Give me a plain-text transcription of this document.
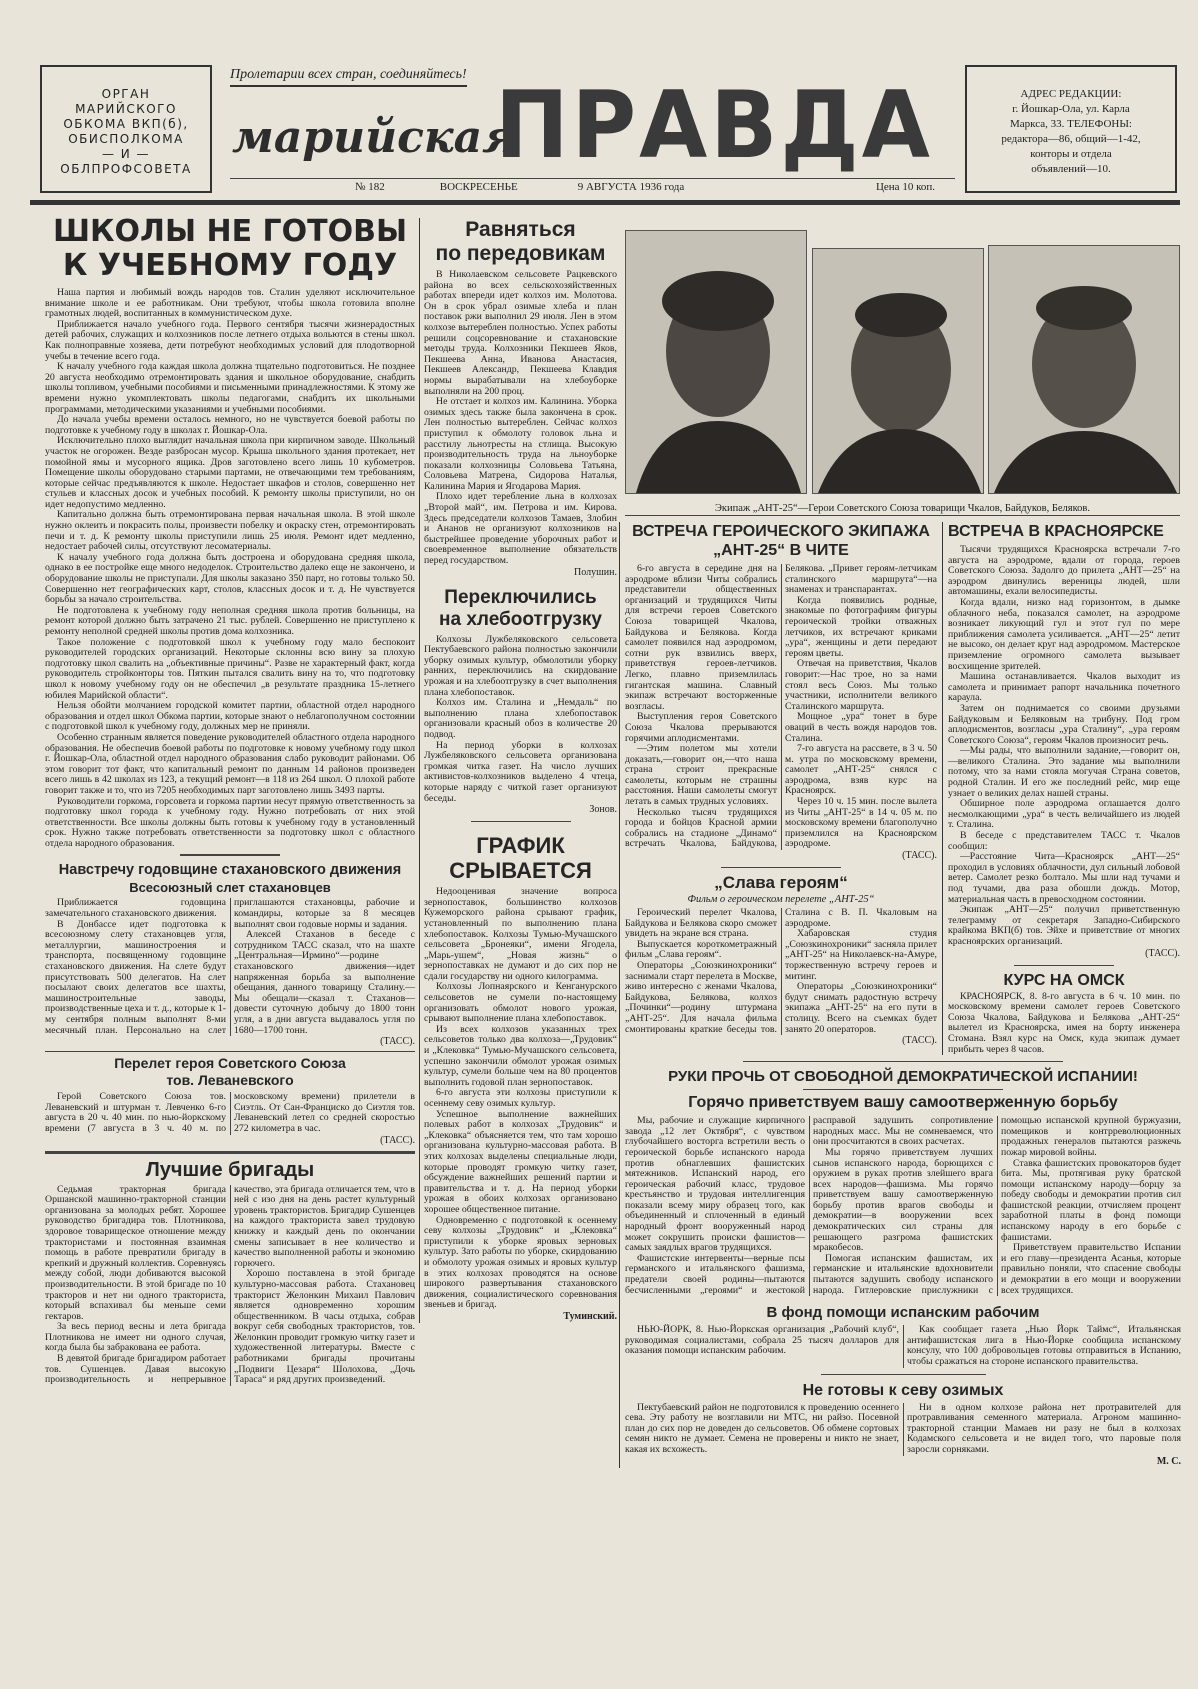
ОРГАН
МАРИЙСКОГО
ОБКОМА ВКП(б),
ОБИСПОЛКОМА
— И —
ОБЛПРОФСОВЕТА
Пролетарии всех стран, соединяйтесь!
марийская
ПРАВДА
№ 182	ВОСКРЕСЕНЬЕ	9 АВГУСТА 1936 года	Цена 10 коп.
АДРЕС РЕДАКЦИИ:
г. Йошкар-Ола, ул. Карла
Маркса, 33. ТЕЛЕФОНЫ:
редактора—86, общий—1-42,
конторы и отдела
объявлений—10.
ШКОЛЫ НЕ ГОТОВЫ
К УЧЕБНОМУ ГОДУ

Наша партия и любимый вождь народов тов. Сталин уделяют исключительное внимание школе и ее работникам. Они требуют, чтобы школа готовила вполне грамотных людей, воспитанных в коммунистическом духе.

Приближается начало учебного года. Первого сентября тысячи жизнерадостных детей рабочих, служащих и колхозников после летнего отдыха вольются в стены школ. Как полноправные хозяева, дети потребуют необходимых условий для плодотворной учебы в течение всего года.

К началу учебного года каждая школа должна тщательно подготовиться. Не позднее 20 августа необходимо отремонтировать здания и школьное оборудование, снабдить школы топливом, учебными пособиями и письменными принадлежностями. К этому же времени нужно укомплектовать школы педагогами, снабдить их школьными программами, методическими указаниями и учебными пособиями.

До начала учебы времени осталось немного, но не чувствуется боевой работы по подготовке к учебному году в школах г. Йошкар-Ола.

Исключительно плохо выглядит начальная школа при кирпичном заводе. Школьный участок не огорожен. Везде разбросан мусор. Крыша школьного здания протекает, нет помойной ямы и мусорного ящика. Дров заготовлено всего лишь 10 кубометров. Помещение школы оборудовано старыми партами, не отвечающими тем требованиям, которые сейчас предъявляются к школе. Недостает шкафов и столов, совершенно нет стульев и классных досок и учебных пособий. К ремонту школы приступили, но он идет недопустимо медленно.

Капитально должна быть отремонтирована первая начальная школа. В этой школе нужно оклеить и покрасить полы, произвести побелку и окраску стен, отремонтировать печи и т. д. К ремонту школы приступили лишь 25 июля. Ремонт идет медленно, недостает рабочей силы, отсутствуют лесоматериалы.

К началу учебного года должна быть достроена и оборудована средняя школа, однако в ее постройке еще много недоделок. Строительство далеко еще не закончено, и оборудование школы не приступали. Для школы заказано 350 парт, но готовы только 50. Совершенно нет географических карт, столов, классных досок и т. д. Не чувствуется борьбы за начало строительства.

Не подготовлена к учебному году неполная средняя школа против больницы, на ремонт которой должно быть затрачено 21 тыс. рублей. Совершенно не приступлено к ремонту неполной средней школы против дома колхозника.

Такое положение с подготовкой школ к учебному году мало беспокоит руководителей городских организаций. Некоторые склонны всю вину за плохую подготовку школ свалить на „объективные причины“. Разве не характерный факт, когда руководитель стройконторы тов. Пяткин пытался свалить вину на то, что подготовку школ к новому учебному году он не обеспечил „в результате праздника 15-летнего юбилея Марийской области“.

Нельзя обойти молчанием городской комитет партии, областной отдел народного образования и отдел школ Обкома партии, которые знают о неблагополучном состоянии с подготовкой школ к учебному году, должных мер не приняли.

Особенно странным является поведение руководителей областного отдела народного образования. Не обеспечив боевой работы по подготовке к новому учебному году школ г. Йошкар-Ола, областной отдел народного образования слабо руководит районами. Об этом говорит тот факт, что капитальный ремонт по данным 14 районов произведен всего лишь в 42 школах из 123, а текущий ремонт—в 118 из 264 школ. О плохой работе говорит также и то, что из 7205 необходимых парт заготовлено лишь 3493 парты.

Руководители горкома, горсовета и горкома партии несут прямую ответственность за подготовку школ города к учебному году. Нужно потребовать от них этой ответственности. Все школы должны быть готовы к учебному году в установленный срок. Нужно также потребовать ответственности за подготовку школ с областного отдела народного образования.

Навстречу годовщине стахановского движения
Всесоюзный слет стахановцев

Приближается годовщина замечательного стахановского движения.

В Донбассе идет подготовка к всесоюзному слету стахановцев угля, металлургии, машиностроения и транспорта, посвященному годовщине стахановского движения. На слете будут присутствовать 500 делегатов. На слет посылают своих делегатов все шахты, машиностроительные заводы, производственные цеха и т. д., которые к 1-му сентября полным выполнят 8-ми месячный план. Персонально на слет приглашаются стахановцы, рабочие и командиры, которые за 8 месяцев выполнят свои годовые нормы и задания.

Алексей Стаханов в беседе с сотрудником ТАСС сказал, что на шахте „Центральная—Ирмино“—родине стахановского движения—идет напряженная борьба за выполнение обещания, данного товарищу Сталину.—Мы обещали—сказал т. Стаханов—довести суточную добычу до 1800 тонн угля, а в дни августа выдавалось угля по 1680—1700 тонн.

(ТАСС).
Перелет героя Советского Союза
тов. Леваневского

Герой Советского Союза тов. Леваневский и штурман т. Левченко 6-го августа в 20 ч. 40 мин. по нью-йоркскому времени (7 августа в 3 ч. 40 м. по московскому времени) прилетели в Сиэтль. От Сан-Франциско до Сиэтля тов. Леваневский летел со средней скоростью 272 километра в час.

(ТАСС).
Лучшие бригады

Седьмая тракторная бригада Оршанской машинно-тракторной станции организована за молодых ребят. Хорошее руководство бригадира тов. Плотникова, здоровое товарищеское отношение между трактористами и постоянная взаимная помощь в работе превратили бригаду в крепкий и дружный коллектив. Соревнуясь между собой, люди добиваются высокой производительности. В этой бригаде по 10 тракторов и нет ни одного тракториста, который вспахивал бы меньше семи гектаров.

За весь период весны и лета бригада Плотникова не имеет ни одного случая, когда была бы забракована ее работа.

В девятой бригаде бригадиром работает тов. Сушенцев. Давая высокую производительность и непрерывное качество, эта бригада отличается тем, что в ней с изо дня на день растет культурный уровень трактористов. Бригадир Сушенцев на каждого тракториста завел трудовую книжку и каждый день по окончании смены записывает в нее количество и качество выполненной работы и экономию горючего.

Хорошо поставлена в этой бригаде культурно-массовая работа. Стахановец тракторист Желонкин Михаил Павлович является одновременно хорошим общественником. В часы отдыха, собрав вокруг себя свободных трактористов, тов. Желонкин проводит громкую читку газет и художественной литературы. Вместе с работниками бригады прочитаны „Подвиги Цезаря“ Шолохова, „Дочь Тараса“ и ряд других произведений.

Равняться
по передовикам

В Николаевском сельсовете Рацкевского района во всех сельскохозяйственных работах впереди идет колхоз им. Молотова. Он в срок убрал озимые хлеба и план поставок ржи выполнил 29 июля. Лен в этом колхозе вытереблен полностью. Успех работы решили соцсоревнование и стахановские методы труда. Колхозники Пекшеев Яков, Пекшеева Анна, Иванова Анастасия, Пекшеев Александр, Пекшеева Клавдия нормы вырабатывали на хлебоуборке выполняли на 200 проц.

Не отстает и колхоз им. Калинина. Уборка озимых здесь также была закончена в срок. Лен полностью вытереблен. Сейчас колхоз приступил к обмолоту головок льна и расстилу льнотресты на стлища. Высокую производительность труда на льноуборке показали колхозницы Соловьева Татьяна, Соловьева Матрена, Сидорова Наталья, Калинина Мария и Ягодарова Мария.

Плохо идет теребление льна в колхозах „Второй май“, им. Петрова и им. Кирова. Здесь председатели колхозов Тамаев, Злобин и Ананов не организуют колхозников на быстрейшее проведение уборочных работ и своевременное выполнение обязательств перед государством.

Полушин.
Переключились
на хлебоотгрузку

Колхозы Лужбеляковского сельсовета Пектубаевского района полностью закончили уборку озимых культур, обмолотили уборку ранних, переключились на скирдование урожая и на хлебоотгрузку в счет выполнения плана хлебопоставок.

Колхоз им. Сталина и „Немдаль“ по выполнению плана хлебопоставок организовали красный обоз в количестве 20 подвод.

На период уборки в колхозах Лужбеляковского сельсовета организована громкая читка газет. На число лучших активистов-колхозников выделено 4 чтеца, которые наряду с читкой газет организуют беседы.

Зонов.
ГРАФИК
СРЫВАЕТСЯ

Недооценивая значение вопроса зернопоставок, большинство колхозов Кужеморского района срывают график, установленный по выполнению плана хлебопоставок. Колхозы Тумью-Мучашского сельсовета „Бронеяки“, имени Ягодела, „Марь-ушем“, „Новая жизнь“ о зернопоставках не думают и до сих пор не сдали государству ни одного килограмма.

Колхозы Лопнаярского и Кенганурского сельсоветов не сумели по-настоящему организовать обмолот нового урожая, срывают выполнение плана хлебопоставок.

Из всех колхозов указанных трех сельсоветов только два колхоза—„Трудовик“ и „Клековка“ Тумью-Мучашского сельсовета, успешно закончили обмолот урожая озимых культур, сумели больше чем на 80 процентов выполнить годовой план зернопоставок.

6-го августа эти колхозы приступили к осеннему севу озимых культур.

Успешное выполнение важнейших полевых работ в колхозах „Трудовик“ и „Клековка“ объясняется тем, что там хорошо организована культурно-массовая работа. В этих колхозах выделены специальные люди, которые проводят громкую читку газет, обсуждение важнейших решений партии и правительства и т. д. На период уборки урожая в обоих колхозах организовано хорошее общественное питание.

Одновременно с подготовкой к осеннему севу колхозы „Трудовик“ и „Клековка“ приступили к уборке яровых зерновых культур. Зато работы по уборке, скирдованию и обмолоту урожая озимых и яровых культур в этих колхозах проводятся на основе широкого развертывания стахановского движения, социалистического соревнования звеньев и бригад.

Туминский.
Экипаж „АНТ-25“—Герои Советского Союза товарищи Чкалов, Байдуков, Беляков.
ВСТРЕЧА ГЕРОИЧЕСКОГО ЭКИПАЖА
„АНТ-25“ В ЧИТЕ

6-го августа в середине дня на аэродроме вблизи Читы собрались представители общественных организаций и трудящихся Читы для встречи героев Советского Союза товарищей Чкалова, Байдукова и Белякова. Когда самолет появился над аэродромом, сотни рук взвились вверх, приветствуя героев-летчиков. Легко, плавно приземлилась гигантская машина. Славный экипаж встречают восторженные возгласы.

Выступления героя Советского Союза Чкалова прерываются горячими аплодисментами.

—Этим полетом мы хотели доказать,—говорит он,—что наша страна строит прекрасные самолеты, которым не страшны расстояния. Наши самолеты смогут летать в самых трудных условиях.

Несколько тысяч трудящихся города и бойцов Красной армии собрались на стадионе „Динамо“ встречать Чкалова, Байдукова, Белякова. „Привет героям-летчикам сталинского маршрута“—на знаменах и транспарантах.

Когда появились родные, знакомые по фотографиям фигуры героической тройки отважных летчиков, их встречают криками „ура“, женщины и дети передают героям цветы.

Отвечая на приветствия, Чкалов говорит:—Нас трое, но за нами стоял весь Союз. Мы только участники, исполнители великого Сталинского маршрута.

Мощное „ура“ тонет в буре оваций в честь вождя народов тов. Сталина.

7-го августа на рассвете, в 3 ч. 50 м. утра по московскому времени, самолет „АНТ-25“ снялся с аэродрома, взяв курс на Красноярск.

Через 10 ч. 15 мин. после вылета из Читы „АНТ-25“ в 14 ч. 05 м. по московскому времени благополучно приземлился на Красноярском аэродроме.

(ТАСС).
„Слава героям“
Фильм о героическом перелете „АНТ-25“

Героический перелет Чкалова, Байдукова и Белякова скоро сможет увидеть на экране вся страна.

Выпускается короткометражный фильм „Слава героям“.

Операторы „Союзкинохроники“ заснимали старт перелета в Москве, живо интересно с женами Чкалова, Байдукова, Белякова, колхоз „Починки“—родину штурмана „АНТ-25“. Для начала фильма смонтированы краткие беседы тов. Сталина с В. П. Чкаловым на аэродроме.

Хабаровская студия „Союзкинохроники“ засняла прилет „АНТ-25“ на Николаевск-на-Амуре, торжественную встречу героев и митинг.

Операторы „Союзкинохроники“ будут снимать радостную встречу экипажа „АНТ-25“ на его пути в столицу. Всего на съемках будет занято 20 операторов.

(ТАСС).
ВСТРЕЧА В КРАСНОЯРСКЕ

Тысячи трудящихся Красноярска встречали 7-го августа на аэродроме, вдали от города, героев Советского Союза. Задолго до прилета „АНТ—25“ на аэродром двинулись вереницы людей, шли автомашины, ехали велосипедисты.

Когда вдали, низко над горизонтом, в дымке облачного неба, показался самолет, на аэродроме возникает ликующий гул и этот гул по мере приближения самолета усиливается. „АНТ—25“ летит не высоко, он делает круг над аэродромом. Мастерское приземление огромного самолета вызывает восхищение зрителей.

Машина останавливается. Чкалов выходит из самолета и принимает рапорт начальника почетного караула.

Затем он поднимается со своими друзьями Байдуковым и Беляковым на трибуну. Под гром аплодисментов, возгласы „ура Сталину“, „ура героям Советского Союза“, героям Чкалов произносит речь.

—Мы рады, что выполнили задание,—говорит он,—великого Сталина. Это задание мы выполнили потому, что за нами стояла могучая Страна советов, родной Сталин. И его же последний рейс, мир еще узнает о великих делах нашей страны.

Обширное поле аэродрома оглашается долго несмолкающими „ура“ в честь величайшего из людей т. Сталина.

В беседе с представителем ТАСС т. Чкалов сообщил:

—Расстояние Чита—Красноярск „АНТ—25“ проходил в условиях облачности, дул сильный лобовой ветер. Самолет резко болтало. Мы шли над тучами и под тучами, два раза обошли дождь. Мотор, материальная часть в превосходном состоянии.

Экипаж „АНТ—25“ получил приветственную телеграмму от секретаря Западно-Сибирского крайкома ВКП(б) тов. Эйхе и приветствие от многих красноярских организаций.

(ТАСС).
КУРС НА ОМСК

КРАСНОЯРСК, 8. 8-го августа в 6 ч. 10 мин. по московскому времени самолет героев Советского Союза Чкалова, Байдукова и Белякова „АНТ-25“ вылетел из Красноярска, имея на борту инженера Стомана. Взял курс на Омск, куда экипаж думает прибыть через 8 часов.

РУКИ ПРОЧЬ ОТ СВОБОДНОЙ ДЕМОКРАТИЧЕСКОЙ ИСПАНИИ!
Горячо приветствуем вашу самоотверженную борьбу

Мы, рабочие и служащие кирпичного завода „12 лет Октября“, с чувством глубочайшего восторга встретили весть о героической борьбе испанского народа против обнаглевших фашистских мятежников. Испанский народ, его героическая рабочий класс, трудовое крестьянство и трудовая интеллигенция показали всему миру образец того, как объединенный и сплоченный в единый народный фронт вооруженный народ может сокрушить происки фашистов—самых заядлых врагов трудящихся.

Фашистские интервенты—верные псы германского и итальянского фашизма, предатели своей родины—пытаются бесчисленными „героями“ и жестокой расправой задушить сопротивление народных масс. Мы не сомневаемся, что они просчитаются в своих расчетах.

Мы горячо приветствуем лучших сынов испанского народа, борющихся с оружием в руках против злейшего врага всех народов—фашизма. Мы горячо приветствуем вашу самоотверженную борьбу против врагов свободы и демократии—в вооружении всех демократических сил страны для решающего разгрома фашистских мракобесов.

Помогая испанским фашистам, их германские и итальянские вдохновители пытаются задушить свободу испанского народа. Гитлеровские прислужники с помощью испанской крупной буржуазии, помещиков и контрреволюционных продажных генералов пытаются разжечь пожар мировой войны.

Ставка фашистских провокаторов будет бита. Мы, протягивая руку братской помощи испанскому народу—борцу за победу свободы и демократии против сил фашистской реакции, отчисляем процент заработной платы в фонд помощи испанскому народу в его борьбе с фашистами.

Приветствуем правительство Испании и его главу—президента Асанья, которые правильно поняли, что спасение свободы и демократии в его мощи и вооружении всех трудящихся.

В фонд помощи испанским рабочим

НЬЮ-ЙОРК, 8. Нью-Йоркская организация „Рабочий клуб“, руководимая социалистами, собрала 25 тысяч долларов для оказания помощи испанским рабочим.

Как сообщает газета „Нью Йорк Таймс“, Итальянская антифашистская лига в Нью-Йорке сообщила испанскому консулу, что 100 добровольцев готовы отправиться в Испанию, чтобы сражаться на стороне испанского правительства.

Не готовы к севу озимых

Пектубаевский район не подготовился к проведению осеннего сева. Эту работу не возглавили ни МТС, ни райзо. Посевной план до сих пор не доведен до сельсоветов. Об обмене сортовых семян никто не думает. Семена не проверены и никто не знает, какая их всхожесть.

Ни в одном колхозе района нет протравителей для протравливания семенного материала. Агроном машинно-тракторной станции Мамаев ни разу не был в колхозах Кодамского сельсовета и не видел того, что паровые поля заросли сорняками.

М. С.
